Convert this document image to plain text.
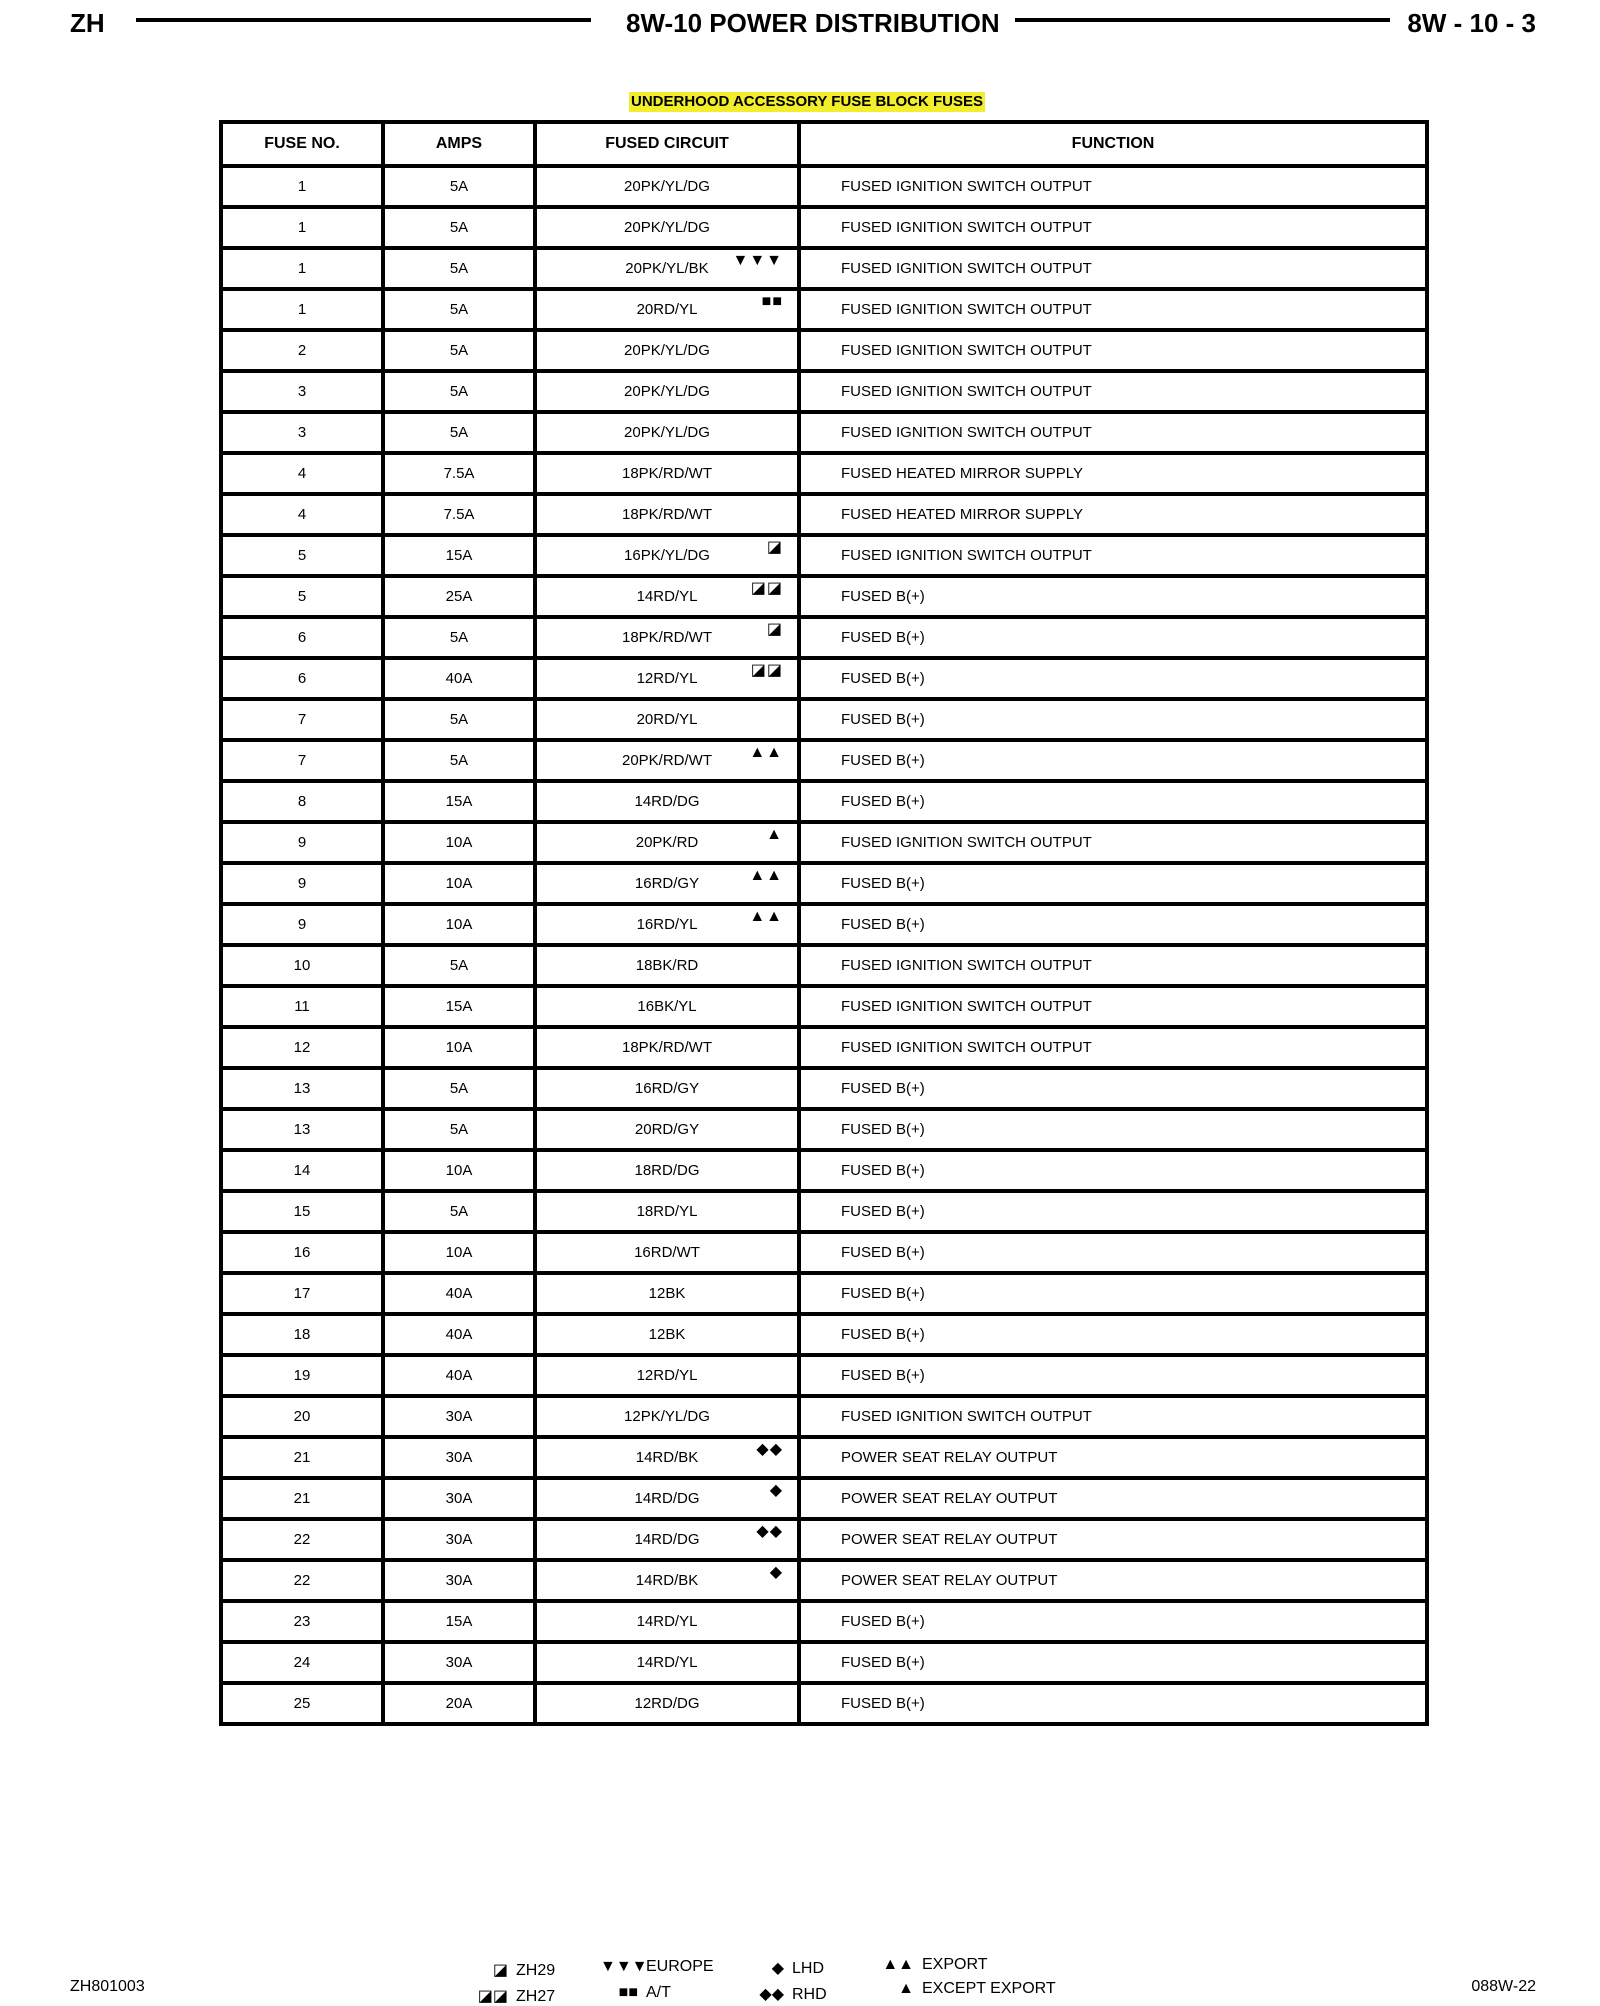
ZH	8W-10 POWER DISTRIBUTION	8W - 10 - 3
UNDERHOOD ACCESSORY FUSE BLOCK FUSES
FUSE NO.	AMPS	FUSED CIRCUIT	FUNCTION
1	5A	20PK/YL/DG	FUSED IGNITION SWITCH OUTPUT
1	5A	20PK/YL/DG	FUSED IGNITION SWITCH OUTPUT
1	5A	20PK/YL/BK ▼▼▼	FUSED IGNITION SWITCH OUTPUT
1	5A	20RD/YL ■■	FUSED IGNITION SWITCH OUTPUT
2	5A	20PK/YL/DG	FUSED IGNITION SWITCH OUTPUT
3	5A	20PK/YL/DG	FUSED IGNITION SWITCH OUTPUT
3	5A	20PK/YL/DG	FUSED IGNITION SWITCH OUTPUT
4	7.5A	18PK/RD/WT	FUSED HEATED MIRROR SUPPLY
4	7.5A	18PK/RD/WT	FUSED HEATED MIRROR SUPPLY
5	15A	16PK/YL/DG ◪	FUSED IGNITION SWITCH OUTPUT
5	25A	14RD/YL ◪◪	FUSED B(+)
6	5A	18PK/RD/WT ◪	FUSED B(+)
6	40A	12RD/YL ◪◪	FUSED B(+)
7	5A	20RD/YL	FUSED B(+)
7	5A	20PK/RD/WT ▲▲	FUSED B(+)
8	15A	14RD/DG	FUSED B(+)
9	10A	20PK/RD ▲	FUSED IGNITION SWITCH OUTPUT
9	10A	16RD/GY ▲▲	FUSED B(+)
9	10A	16RD/YL ▲▲	FUSED B(+)
10	5A	18BK/RD	FUSED IGNITION SWITCH OUTPUT
11	15A	16BK/YL	FUSED IGNITION SWITCH OUTPUT
12	10A	18PK/RD/WT	FUSED IGNITION SWITCH OUTPUT
13	5A	16RD/GY	FUSED B(+)
13	5A	20RD/GY	FUSED B(+)
14	10A	18RD/DG	FUSED B(+)
15	5A	18RD/YL	FUSED B(+)
16	10A	16RD/WT	FUSED B(+)
17	40A	12BK	FUSED B(+)
18	40A	12BK	FUSED B(+)
19	40A	12RD/YL	FUSED B(+)
20	30A	12PK/YL/DG	FUSED IGNITION SWITCH OUTPUT
21	30A	14RD/BK ◆◆	POWER SEAT RELAY OUTPUT
21	30A	14RD/DG ◆	POWER SEAT RELAY OUTPUT
22	30A	14RD/DG ◆◆	POWER SEAT RELAY OUTPUT
22	30A	14RD/BK ◆	POWER SEAT RELAY OUTPUT
23	15A	14RD/YL	FUSED B(+)
24	30A	14RD/YL	FUSED B(+)
25	20A	12RD/DG	FUSED B(+)
ZH801003
◪ ZH29
◪◪ ZH27
▼▼▼EUROPE
■■ A/T
◆ LHD
◆◆ RHD
▲▲ EXPORT
▲ EXCEPT EXPORT	088W-22
